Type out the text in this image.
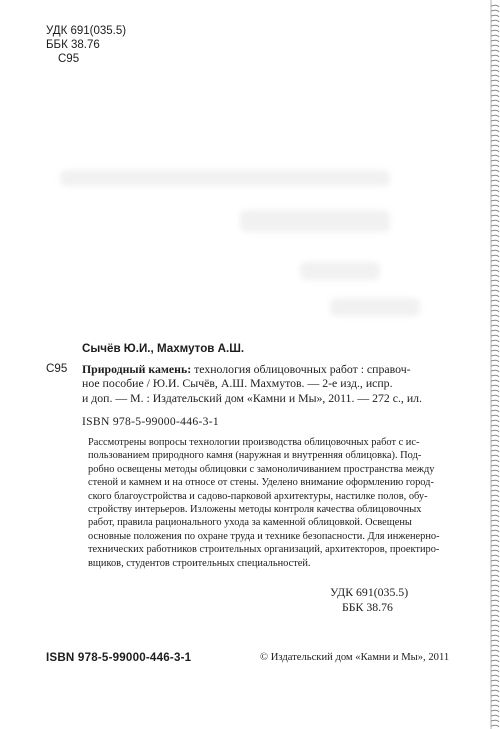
УДК 691(035.5)
ББК 38.76
С95
Сычёв Ю.И., Махмутов А.Ш.
С95 Природный камень: технология облицовочных работ : справоч-
ное пособие / Ю.И. Сычёв, А.Ш. Махмутов. — 2-е изд., испр.
и доп. — М. : Издательский дом «Камни и Мы», 2011. — 272 с., ил.
ISBN 978-5-99000-446-3-1
Рассмотрены вопросы технологии производства облицовочных работ с ис-
пользованием природного камня (наружная и внутренняя облицовка). Под-
робно освещены методы облицовки с замоноличиванием пространства между
стеной и камнем и на относе от стены. Уделено внимание оформлению город-
ского благоустройства и садово-парковой архитектуры, настилке полов, обу-
стройству интерьеров. Изложены методы контроля качества облицовочных
работ, правила рационального ухода за каменной облицовкой. Освещены
основные положения по охране труда и технике безопасности. Для инженерно-
технических работников строительных организаций, архитекторов, проектиро-
вщиков, студентов строительных специальностей.
УДК 691(035.5)
ББК 38.76
ISBN 978-5-99000-446-3-1	© Издательский дом «Камни и Мы», 2011
